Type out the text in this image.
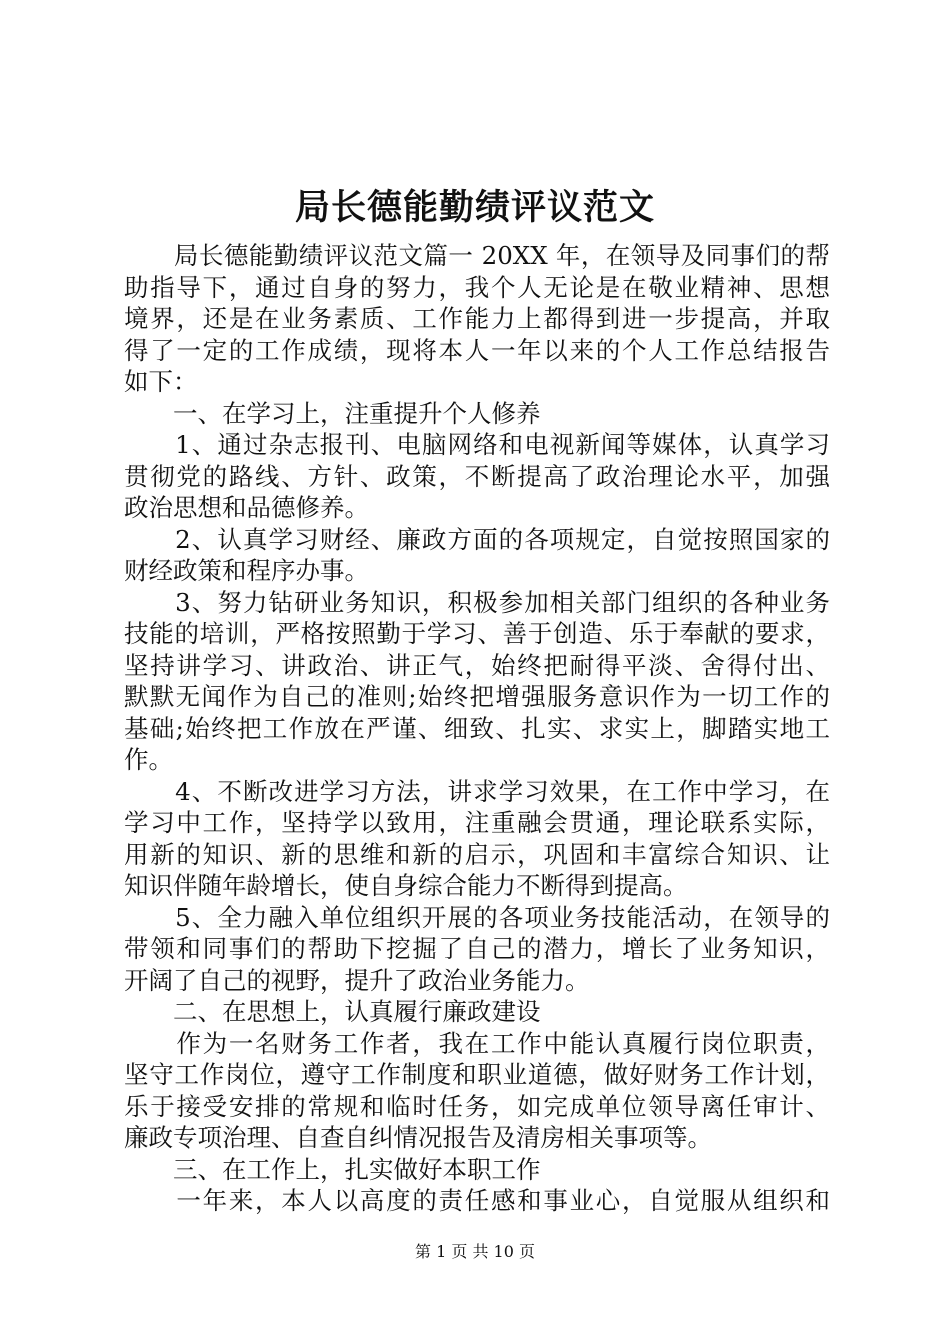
局长德能勤绩评议范文
　　局长德能勤绩评议范文篇一 20XX 年，在领导及同事们的帮
助指导下，通过自身的努力，我个人无论是在敬业精神、思想
境界，还是在业务素质、工作能力上都得到进一步提高，并取
得了一定的工作成绩，现将本人一年以来的个人工作总结报告
如下：
　　一、在学习上，注重提升个人修养
　　1、通过杂志报刊、电脑网络和电视新闻等媒体，认真学习
贯彻党的路线、方针、政策，不断提高了政治理论水平，加强
政治思想和品德修养。
　　2、认真学习财经、廉政方面的各项规定，自觉按照国家的
财经政策和程序办事。
　　3、努力钻研业务知识，积极参加相关部门组织的各种业务
技能的培训，严格按照勤于学习、善于创造、乐于奉献的要求，
坚持讲学习、讲政治、讲正气，始终把耐得平淡、舍得付出、
默默无闻作为自己的准则;始终把增强服务意识作为一切工作的
基础;始终把工作放在严谨、细致、扎实、求实上，脚踏实地工
作。
　　4、不断改进学习方法，讲求学习效果，在工作中学习，在
学习中工作，坚持学以致用，注重融会贯通，理论联系实际，
用新的知识、新的思维和新的启示，巩固和丰富综合知识、让
知识伴随年龄增长，使自身综合能力不断得到提高。
　　5、全力融入单位组织开展的各项业务技能活动，在领导的
带领和同事们的帮助下挖掘了自己的潜力，增长了业务知识，
开阔了自己的视野，提升了政治业务能力。
　　二、在思想上，认真履行廉政建设
　　作为一名财务工作者，我在工作中能认真履行岗位职责，
坚守工作岗位，遵守工作制度和职业道德，做好财务工作计划，
乐于接受安排的常规和临时任务，如完成单位领导离任审计、
廉政专项治理、自查自纠情况报告及清房相关事项等。
　　三、在工作上，扎实做好本职工作
　　一年来，本人以高度的责任感和事业心，自觉服从组织和
第 1 页 共 10 页
